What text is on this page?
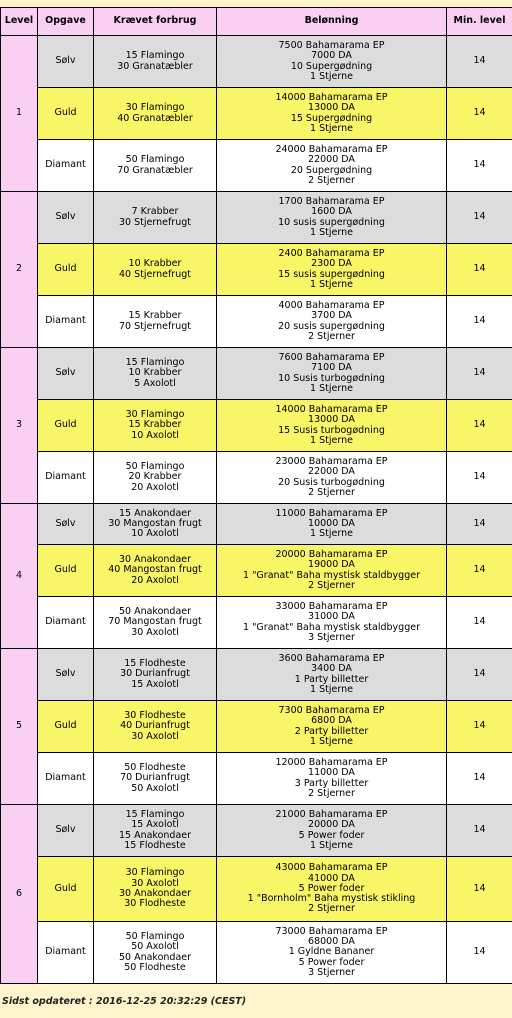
Level	Opgave	Krævet forbrug	Belønning	Min. level
1	Sølv	15 Flamingo
30 Granatæbler	7500 Bahamarama EP
7000 DA
10 Supergødning
1 Stjerne	14
	Guld	30 Flamingo
40 Granatæbler	14000 Bahamarama EP
13000 DA
15 Supergødning
1 Stjerne	14
	Diamant	50 Flamingo
70 Granatæbler	24000 Bahamarama EP
22000 DA
20 Supergødning
2 Stjerner	14
2	Sølv	7 Krabber
30 Stjernefrugt	1700 Bahamarama EP
1600 DA
10 susis supergødning
1 Stjerne	14
	Guld	10 Krabber
40 Stjernefrugt	2400 Bahamarama EP
2300 DA
15 susis supergødning
1 Stjerne	14
	Diamant	15 Krabber
70 Stjernefrugt	4000 Bahamarama EP
3700 DA
20 susis supergødning
2 Stjerner	14
3	Sølv	15 Flamingo
10 Krabber
5 Axolotl	7600 Bahamarama EP
7100 DA
10 Susis turbogødning
1 Stjerne	14
	Guld	30 Flamingo
15 Krabber
10 Axolotl	14000 Bahamarama EP
13000 DA
15 Susis turbogødning
1 Stjerne	14
	Diamant	50 Flamingo
20 Krabber
20 Axolotl	23000 Bahamarama EP
22000 DA
20 Susis turbogødning
2 Stjerner	14
4	Sølv	15 Anakondaer
30 Mangostan frugt
10 Axolotl	11000 Bahamarama EP
10000 DA
1 Stjerne	14
	Guld	30 Anakondaer
40 Mangostan frugt
20 Axolotl	20000 Bahamarama EP
19000 DA
1 "Granat" Baha mystisk staldbygger
2 Stjerner	14
	Diamant	50 Anakondaer
70 Mangostan frugt
30 Axolotl	33000 Bahamarama EP
31000 DA
1 "Granat" Baha mystisk staldbygger
3 Stjerner	14
5	Sølv	15 Flodheste
30 Durianfrugt
15 Axolotl	3600 Bahamarama EP
3400 DA
1 Party billetter
1 Stjerne	14
	Guld	30 Flodheste
40 Durianfrugt
30 Axolotl	7300 Bahamarama EP
6800 DA
2 Party billetter
1 Stjerne	14
	Diamant	50 Flodheste
70 Durianfrugt
50 Axolotl	12000 Bahamarama EP
11000 DA
3 Party billetter
2 Stjerner	14
6	Sølv	15 Flamingo
15 Axolotl
15 Anakondaer
15 Flodheste	21000 Bahamarama EP
20000 DA
5 Power foder
1 Stjerne	14
	Guld	30 Flamingo
30 Axolotl
30 Anakondaer
30 Flodheste	43000 Bahamarama EP
41000 DA
5 Power foder
1 "Bornholm" Baha mystisk stikling
2 Stjerner	14
	Diamant	50 Flamingo
50 Axolotl
50 Anakondaer
50 Flodheste	73000 Bahamarama EP
68000 DA
1 Gyldne Bananer
5 Power foder
3 Stjerner	14
Sidst opdateret : 2016-12-25 20:32:29 (CEST)
